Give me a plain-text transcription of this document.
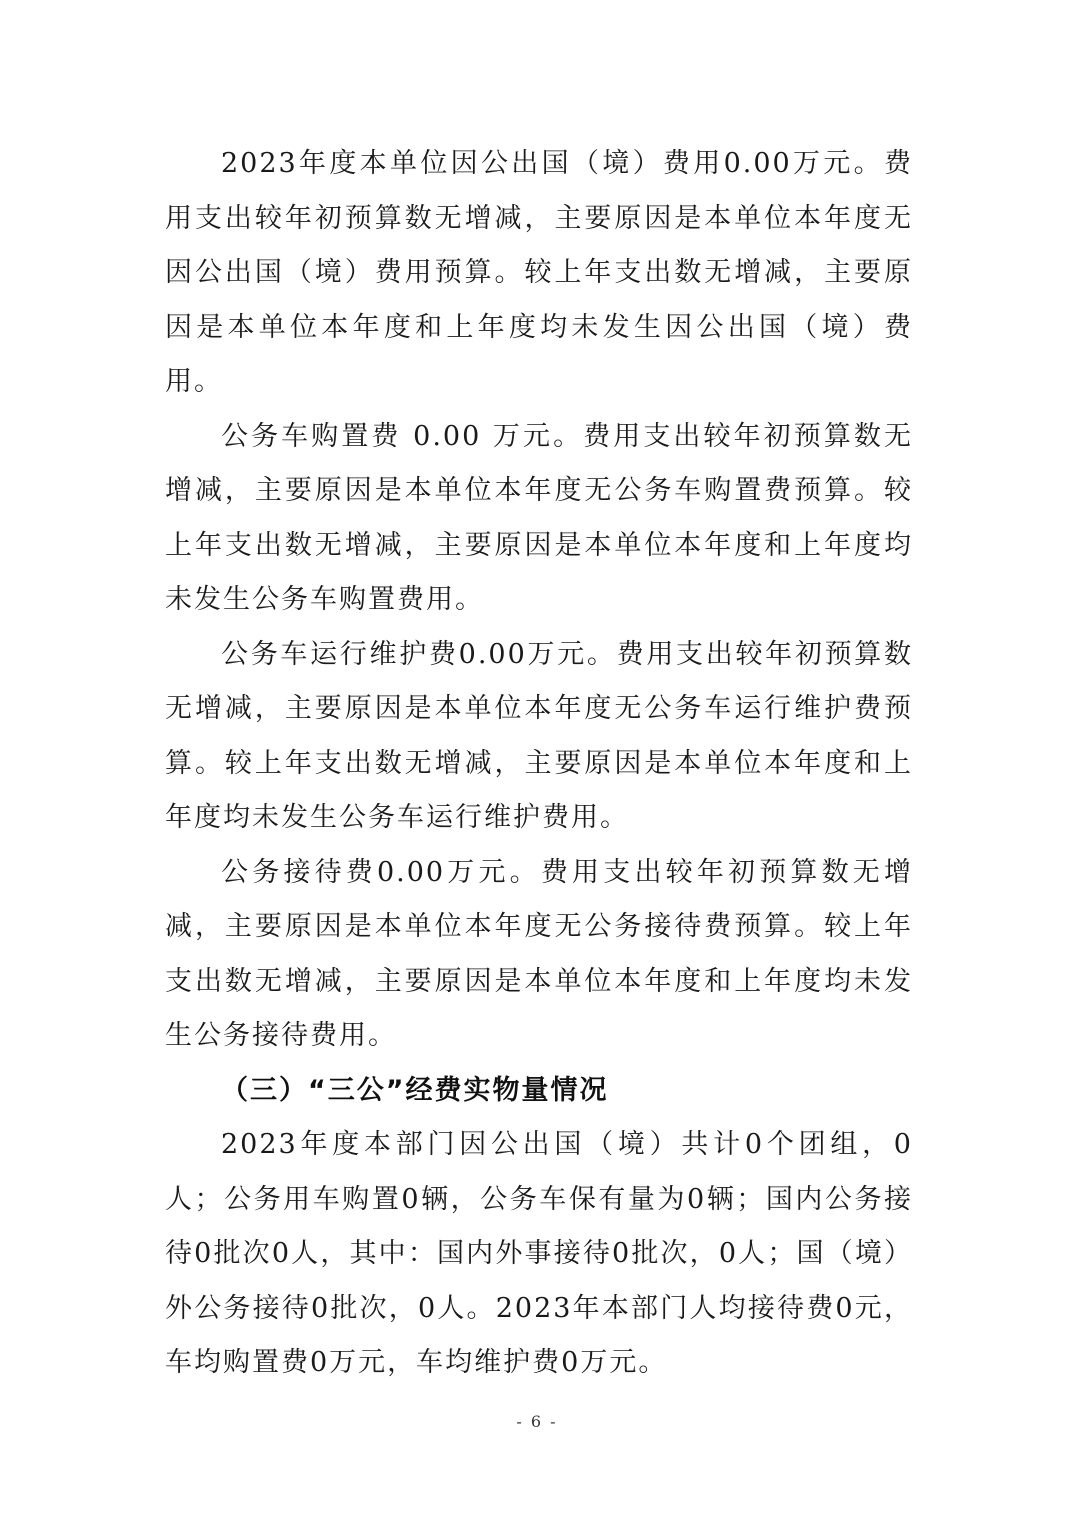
2023年度本单位因公出国（境）费用0.00万元。费用支出较年初预算数无增减，主要原因是本单位本年度无因公出国（境）费用预算。较上年支出数无增减，主要原因是本单位本年度和上年度均未发生因公出国（境）费用。

公务车购置费 0.00 万元。费用支出较年初预算数无增减，主要原因是本单位本年度无公务车购置费预算。较上年支出数无增减，主要原因是本单位本年度和上年度均未发生公务车购置费用。

公务车运行维护费0.00万元。费用支出较年初预算数无增减，主要原因是本单位本年度无公务车运行维护费预算。较上年支出数无增减，主要原因是本单位本年度和上年度均未发生公务车运行维护费用。

公务接待费0.00万元。费用支出较年初预算数无增减，主要原因是本单位本年度无公务接待费预算。较上年支出数无增减，主要原因是本单位本年度和上年度均未发生公务接待费用。

（三）“三公”经费实物量情况

2023年度本部门因公出国（境）共计0个团组，0人；公务用车购置0辆，公务车保有量为0辆；国内公务接待0批次0人，其中：国内外事接待0批次，0人；国（境）外公务接待0批次，0人。2023年本部门人均接待费0元，车均购置费0万元，车均维护费0万元。

- 6 -
